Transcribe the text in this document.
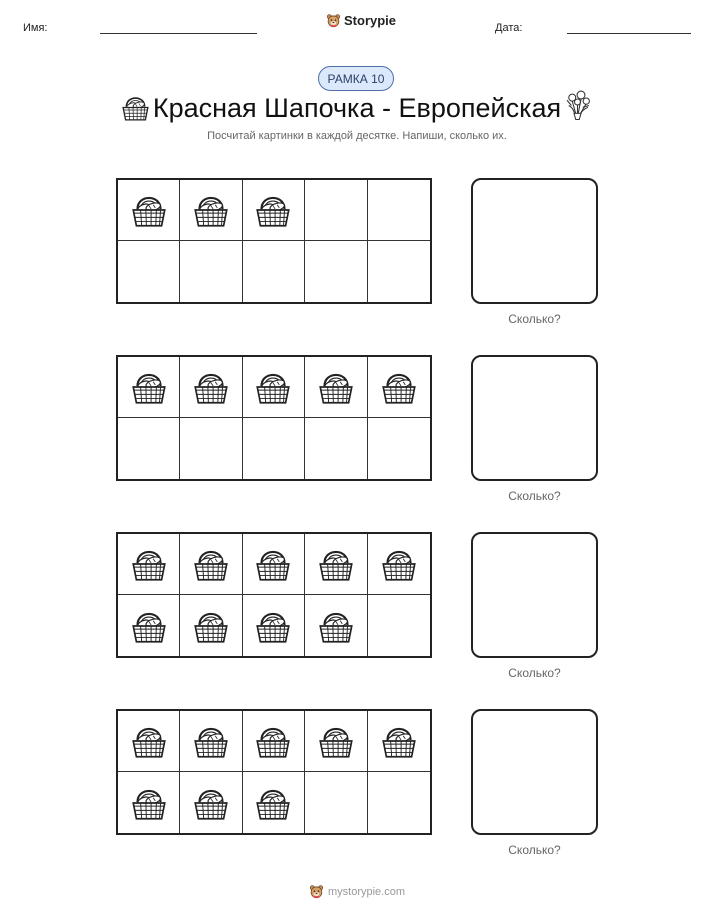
Имя:	Storypie	Дата:
РАМКА 10
Красная Шапочка - Европейская
Посчитай картинки в каждой десятке. Напиши, сколько их.
Сколько?
Сколько?
Сколько?
Сколько?
mystorypie.com
